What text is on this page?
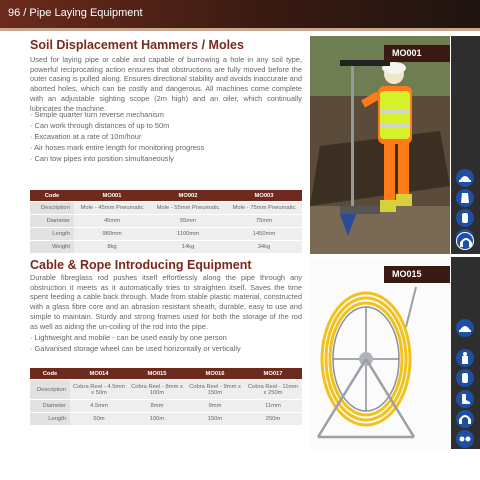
96 / Pipe Laying Equipment
Soil Displacement Hammers / Moles

Used for laying pipe or cable and capable of burrowing a hole in any soil type, powerful reciprocating action ensures that obstructions are fully moved before the outer casing is pulled along. Ensures directional stability and avoids inaccurate and aborted holes, which can be costly and dangerous. All machines come complete with an adjustable sighting scope (2m high) and an oiler, which continually lubricates the machine.

· Simple quarter turn reverse mechanism
· Can work through distances of up to 50m
· Excavation at a rate of 10m/hour
· Air hoses mark entire length for monitoring progress
· Can tow pipes into position simultaneously
Code	MO001	MO002	MO003
Description	Mole - 45mm Pneumatic	Mole - 55mm Pneumatic	Mole - 75mm Pneumatic
Diameter	45mm	55mm	75mm
Length	980mm	1100mm	1450mm
Weight	8kg	14kg	34kg
MO001
Cable & Rope Introducing Equipment

Durable fibreglass rod pushes itself effortlessly along the pipe through any obstruction it meets as it automatically tries to straighten itself. Saves the time spent feeding a cable back through. Made from stable plastic material, constructed with a glass fibre core and an abrasion resistant sheath, durable, easy to use and simple to maintain. Sturdy and strong frames used for both the storage of the rod as well as aiding the un-coiling of the rod into the pipe.

· Lightweight and mobile - can be used easily by one person
· Galvanised storage wheel can be used horizontally or vertically
Code	MO014	MO015	MO016	MO017
Description	Cobra Reel - 4.5mm x 50m	Cobra Reel - 8mm x 100m	Cobra Reel - 9mm x 150m	Cobra Reel - 11mm x 250m
Diameter	4.5mm	8mm	9mm	11mm
Length	50m	100m	150m	250m
MO015
